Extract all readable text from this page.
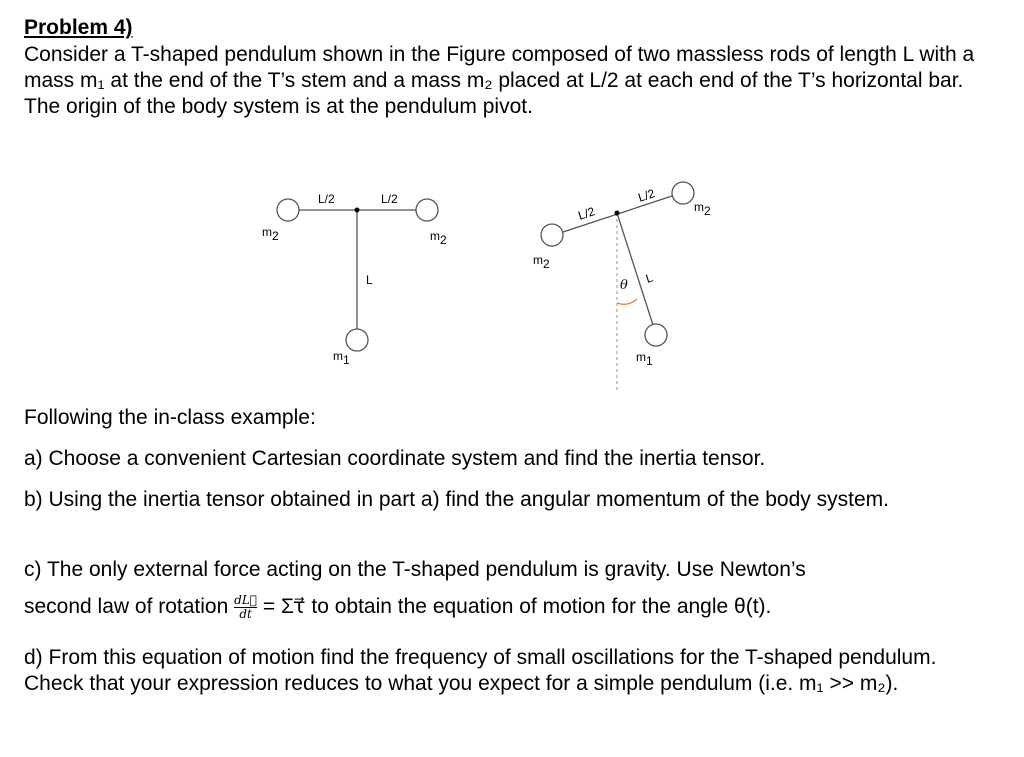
Problem 4)

Consider a T-shaped pendulum shown in the Figure composed of two massless rods of length L with a mass m₁ at the end of the T’s stem and a mass m₂ placed at L/2 at each end of the T’s horizontal bar. The origin of the body system is at the pendulum pivot.

L/2	L/2
L
m2	m2
m1
L/2
L/2
L
θ
m2
m2
m1

Following the in-class example:

a) Choose a convenient Cartesian coordinate system and find the inertia tensor.

b) Using the inertia tensor obtained in part a) find the angular momentum of the body system.

c) The only external force acting on the T-shaped pendulum is gravity. Use Newton’s

second law of rotation $\frac{dL⃗}{dt}$ = Στ⃗ to obtain the equation of motion for the angle θ(t).

d) From this equation of motion find the frequency of small oscillations for the T-shaped pendulum. Check that your expression reduces to what you expect for a simple pendulum (i.e. m₁ >> m₂).
